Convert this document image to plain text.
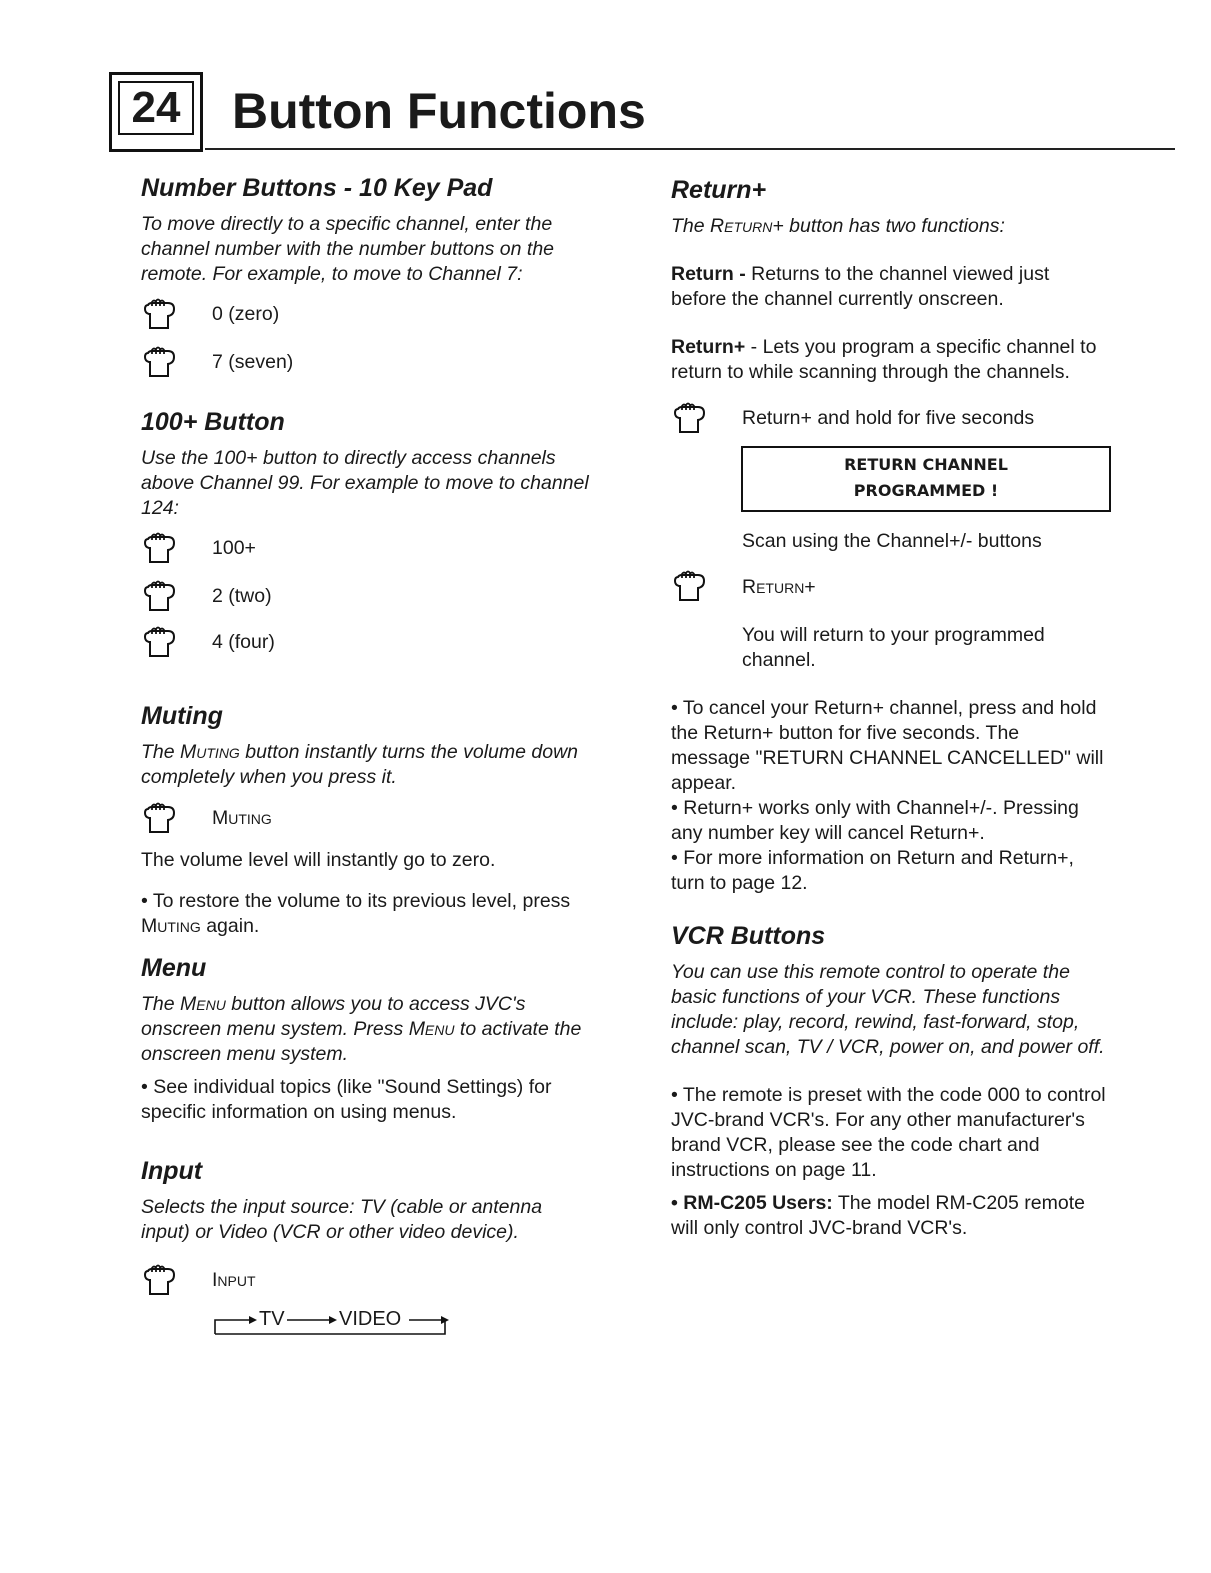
24 Button Functions
Number Buttons - 10 Key Pad
To move directly to a specific channel, enter the
channel number with the number buttons on the
remote. For example, to move to Channel 7:
0 (zero)
7 (seven)
100+ Button
Use the 100+ button to directly access channels
above Channel 99. For example to move to channel
124:
100+
2 (two)
4 (four)
Muting
The Muting button instantly turns the volume down
completely when you press it.
Muting
The volume level will instantly go to zero.
• To restore the volume to its previous level, press
Muting again.
Menu
The Menu button allows you to access JVC's
onscreen menu system. Press Menu to activate the
onscreen menu system.
• See individual topics (like "Sound Settings) for
specific information on using menus.
Input
Selects the input source: TV (cable or antenna
input) or Video (VCR or other video device).
Input
TV	VIDEO
Return+
The Return+ button has two functions:
Return - Returns to the channel viewed just
before the channel currently onscreen.
Return+ - Lets you program a specific channel to
return to while scanning through the channels.
Return+ and hold for five seconds
RETURN CHANNEL
PROGRAMMED !
Scan using the Channel+/- buttons
Return+
You will return to your programmed
channel.
• To cancel your Return+ channel, press and hold
the Return+ button for five seconds. The
message "RETURN CHANNEL CANCELLED" will
appear.
• Return+ works only with Channel+/-. Pressing
any number key will cancel Return+.
• For more information on Return and Return+,
turn to page 12.
VCR Buttons
You can use this remote control to operate the
basic functions of your VCR. These functions
include: play, record, rewind, fast-forward, stop,
channel scan, TV / VCR, power on, and power off.
• The remote is preset with the code 000 to control
JVC-brand VCR's. For any other manufacturer's
brand VCR, please see the code chart and
instructions on page 11.
• RM-C205 Users: The model RM-C205 remote
will only control JVC-brand VCR's.
